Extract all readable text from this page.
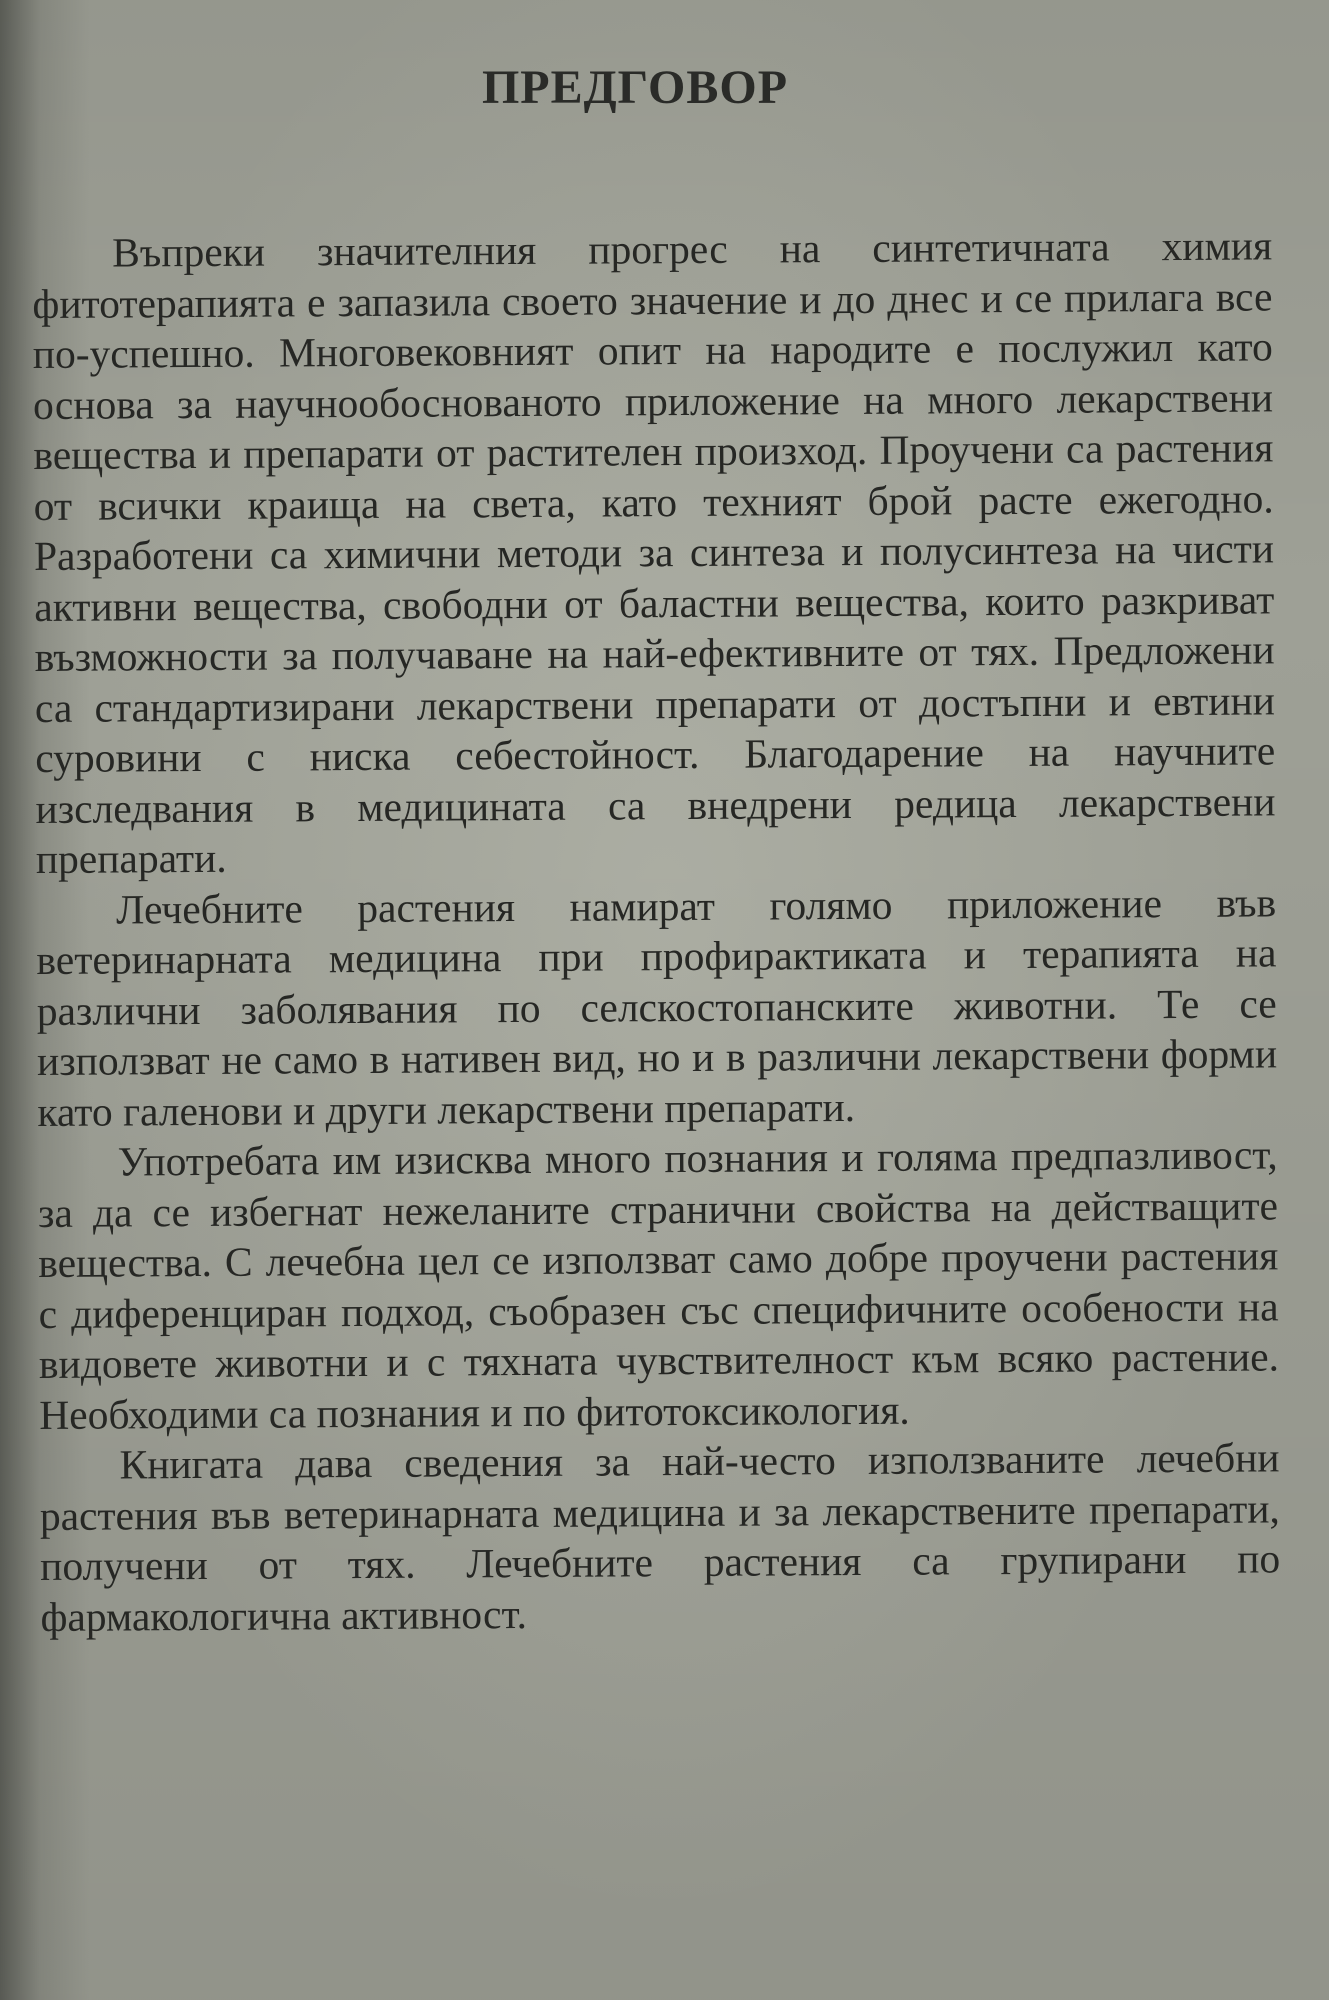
ПРЕДГОВОР

Въпреки значителния прогрес на синтетичната химия фитотерапията е запазила своето значение и до днес и се прилага все по-успешно. Многовековният опит на народите е послужил като основа за научнообоснованото приложение на много лекарствени вещества и препарати от растителен произход. Проучени са растения от всички краища на света, като техният брой расте ежегодно. Разработени са химични методи за синтеза и полусинтеза на чисти активни вещества, свободни от баластни вещества, които разкриват възможности за получаване на най-ефективните от тях. Предложени са стандартизирани лекарствени препарати от достъпни и евтини суровини с ниска себестойност. Благодарение на научните изследвания в медицината са внедрени редица лекарствени препарати.

Лечебните растения намират голямо приложение във ветеринарната медицина при профирактиката и терапията на различни заболявания по селскостопанските животни. Те се използват не само в нативен вид, но и в различни лекарствени форми като галенови и други лекарствени препарати.

Употребата им изисква много познания и голяма предпазливост, за да се избегнат нежеланите странични свойства на действащите вещества. С лечебна цел се използват само добре проучени растения с диференциран подход, съобразен със специфичните особености на видовете животни и с тяхната чувствителност към всяко растение. Необходими са познания и по фитотоксикология.

Книгата дава сведения за най-често използваните лечебни растения във ветеринарната медицина и за лекарствените препарати, получени от тях. Лечебните растения са групирани по фармакологична активност.
